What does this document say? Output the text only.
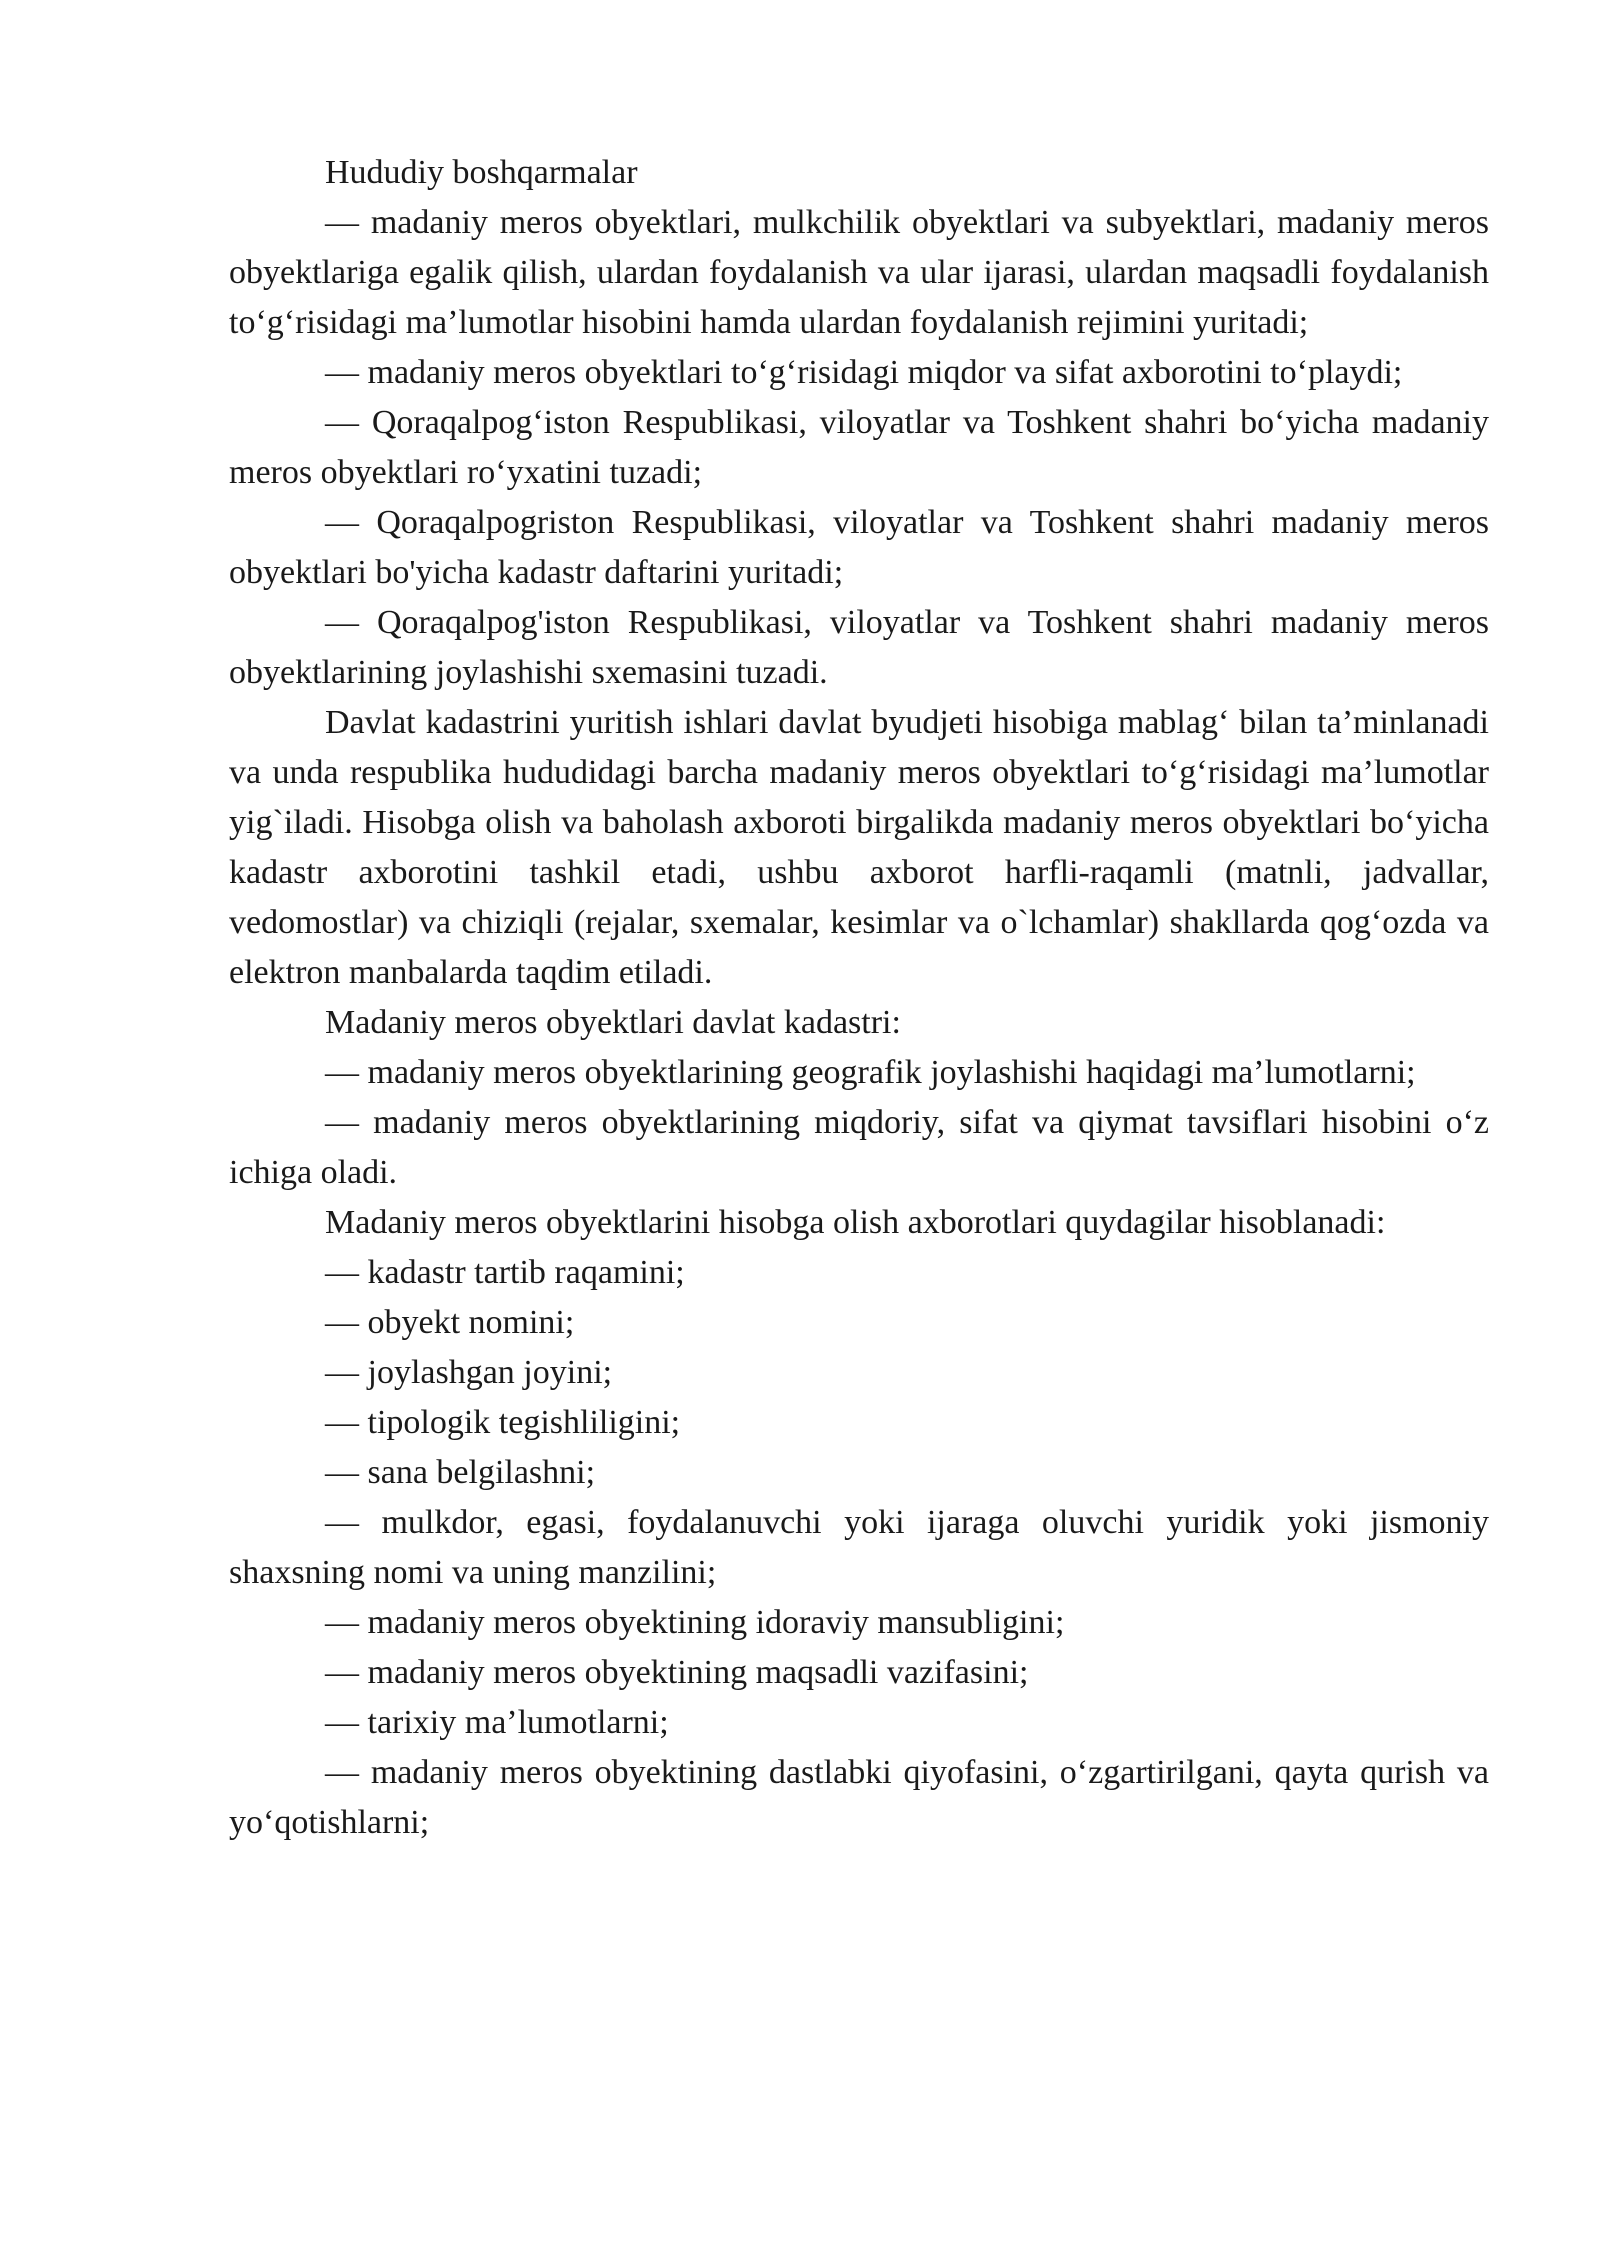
Hududiy boshqarmalar

— madaniy meros obyektlari, mulkchilik obyektlari va subyektlari, madaniy meros obyektlariga egalik qilish, ulardan foydalanish va ular ijarasi, ulardan maqsadli foydalanish to‘g‘risidagi ma’lumotlar hisobini hamda ulardan foydalanish rejimini yuritadi;

— madaniy meros obyektlari to‘g‘risidagi miqdor va sifat axborotini to‘playdi;

— Qoraqalpog‘iston Respublikasi, viloyatlar va Toshkent shahri bo‘yicha madaniy meros obyektlari ro‘yxatini tuzadi;

— Qoraqalpogriston Respublikasi, viloyatlar va Toshkent shahri madaniy meros obyektlari bo'yicha kadastr daftarini yuritadi;

— Qoraqalpog'iston Respublikasi, viloyatlar va Toshkent shahri madaniy meros obyektlarining joylashishi sxemasini tuzadi.

Davlat kadastrini yuritish ishlari davlat byudjeti hisobiga mablag‘ bilan ta’minlanadi va unda respublika hududidagi barcha madaniy meros obyektlari to‘g‘risidagi ma’lumotlar yig`iladi. Hisobga olish va baholash axboroti birgalikda madaniy meros obyektlari bo‘yicha kadastr axborotini tashkil etadi, ushbu axborot harfli-raqamli (matnli, jadvallar, vedomostlar) va chiziqli (rejalar, sxemalar, kesimlar va o`lchamlar) shakllarda qog‘ozda va elektron manbalarda taqdim etiladi.

Madaniy meros obyektlari davlat kadastri:

— madaniy meros obyektlarining geografik joylashishi haqidagi ma’lumotlarni;

— madaniy meros obyektlarining miqdoriy, sifat va qiymat tavsiflari hisobini o‘z ichiga oladi.

Madaniy meros obyektlarini hisobga olish axborotlari quydagilar hisoblanadi:

— kadastr tartib raqamini;

— obyekt nomini;

— joylashgan joyini;

— tipologik tegishliligini;

— sana belgilashni;

— mulkdor, egasi, foydalanuvchi yoki ijaraga oluvchi yuridik yoki jismoniy shaxsning nomi va uning manzilini;

— madaniy meros obyektining idoraviy mansubligini;

— madaniy meros obyektining maqsadli vazifasini;

— tarixiy ma’lumotlarni;

— madaniy meros obyektining dastlabki qiyofasini, o‘zgartirilgani, qayta qurish va yo‘qotishlarni;
